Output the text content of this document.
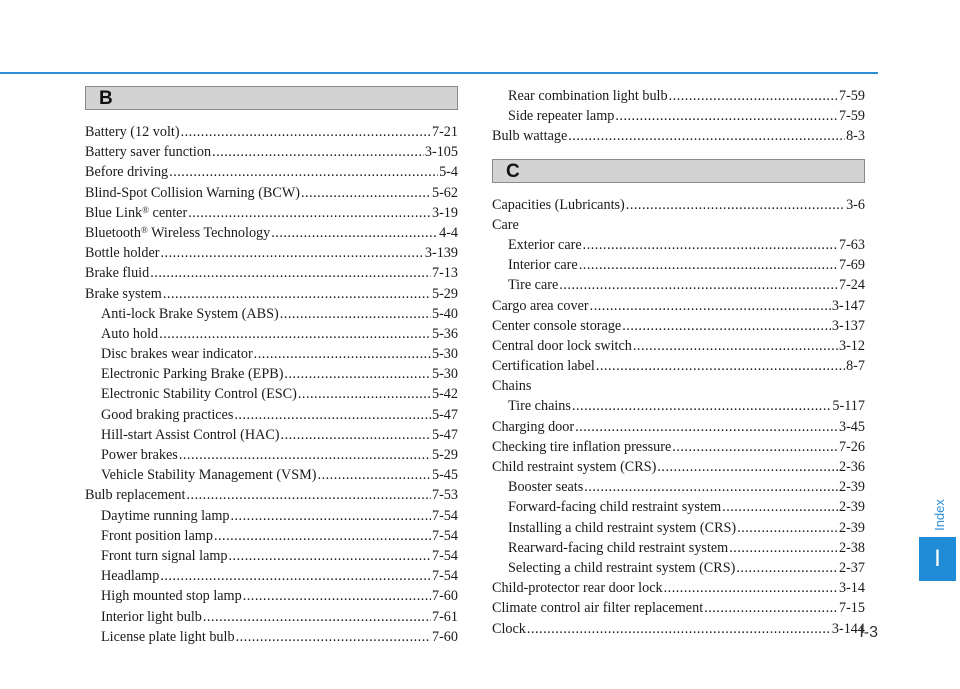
B
Battery (12 volt) .....	7-21
Battery saver function .....	3-105
Before driving .....	5-4
Blind-Spot Collision Warning (BCW) .....	5-62
Blue Link® center .....	3-19
Bluetooth® Wireless Technology .....	4-4
Bottle holder .....	3-139
Brake fluid .....	7-13
Brake system .....	5-29
Anti-lock Brake System (ABS) .....	5-40
Auto hold .....	5-36
Disc brakes wear indicator .....	5-30
Electronic Parking Brake (EPB) .....	5-30
Electronic Stability Control (ESC) .....	5-42
Good braking practices .....	5-47
Hill-start Assist Control (HAC) .....	5-47
Power brakes .....	5-29
Vehicle Stability Management (VSM) .....	5-45
Bulb replacement .....	7-53
Daytime running lamp .....	7-54
Front position lamp .....	7-54
Front turn signal lamp .....	7-54
Headlamp .....	7-54
High mounted stop lamp .....	7-60
Interior light bulb .....	7-61
License plate light bulb .....	7-60
Rear combination light bulb .....	7-59
Side repeater lamp .....	7-59
Bulb wattage .....	8-3
C
Capacities (Lubricants) .....	3-6
Care
Exterior care .....	7-63
Interior care .....	7-69
Tire care .....	7-24
Cargo area cover .....	3-147
Center console storage .....	3-137
Central door lock switch .....	3-12
Certification label .....	8-7
Chains
Tire chains .....	5-117
Charging door .....	3-45
Checking tire inflation pressure .....	7-26
Child restraint system (CRS) .....	2-36
Booster seats .....	2-39
Forward-facing child restraint system .....	2-39
Installing a child restraint system (CRS) .....	2-39
Rearward-facing child restraint system .....	2-38
Selecting a child restraint system (CRS) .....	2-37
Child-protector rear door lock .....	3-14
Climate control air filter replacement .....	7-15
Clock .....	3-144
Index
I
I-3
